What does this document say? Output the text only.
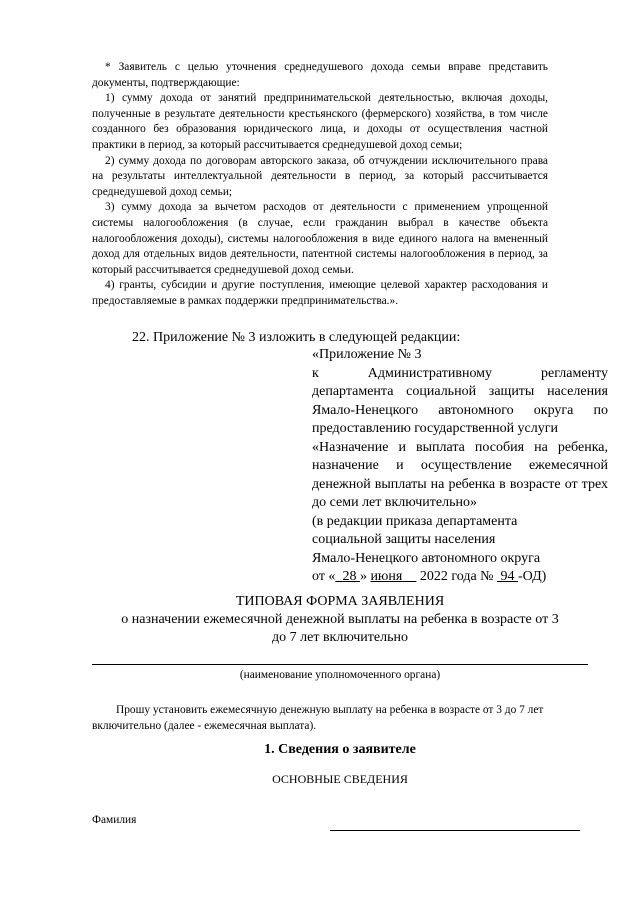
* Заявитель с целью уточнения среднедушевого дохода семьи вправе представить документы, подтверждающие:

1) сумму дохода от занятий предпринимательской деятельностью, включая доходы, полученные в результате деятельности крестьянского (фермерского) хозяйства, в том числе созданного без образования юридического лица, и доходы от осуществления частной практики в период, за который рассчитывается среднедушевой доход семьи;

2) сумму дохода по договорам авторского заказа, об отчуждении исключительного права на результаты интеллектуальной деятельности в период, за который рассчитывается среднедушевой доход семьи;

3) сумму дохода за вычетом расходов от деятельности с применением упрощенной системы налогообложения (в случае, если гражданин выбрал в качестве объекта налогообложения доходы), системы налогообложения в виде единого налога на вмененный доход для отдельных видов деятельности, патентной системы налогообложения в период, за который рассчитывается среднедушевой доход семьи.

4) гранты, субсидии и другие поступления, имеющие целевой характер расходования и предоставляемые в рамках поддержки предпринимательства.».

22. Приложение № 3 изложить в следующей редакции:
«Приложение № 3
к Административному регламенту
департамента социальной защиты населения Ямало-Ненецкого автономного округа по предоставлению государственной услуги
«Назначение и выплата пособия на ребенка, назначение и осуществление ежемесячной денежной выплаты на ребенка в возрасте от трех до семи лет включительно»
(в редакции приказа департамента
социальной защиты населения
Ямало-Ненецкого автономного округа
от « 28 » июня 2022 года № 94 -ОД)
ТИПОВАЯ ФОРМА ЗАЯВЛЕНИЯ
о назначении ежемесячной денежной выплаты на ребенка в возрасте от 3
до 7 лет включительно
(наименование уполномоченного органа)
Прошу установить ежемесячную денежную выплату на ребенка в возрасте от 3 до 7 лет включительно (далее - ежемесячная выплата).
1. Сведения о заявителе
ОСНОВНЫЕ СВЕДЕНИЯ
Фамилия
